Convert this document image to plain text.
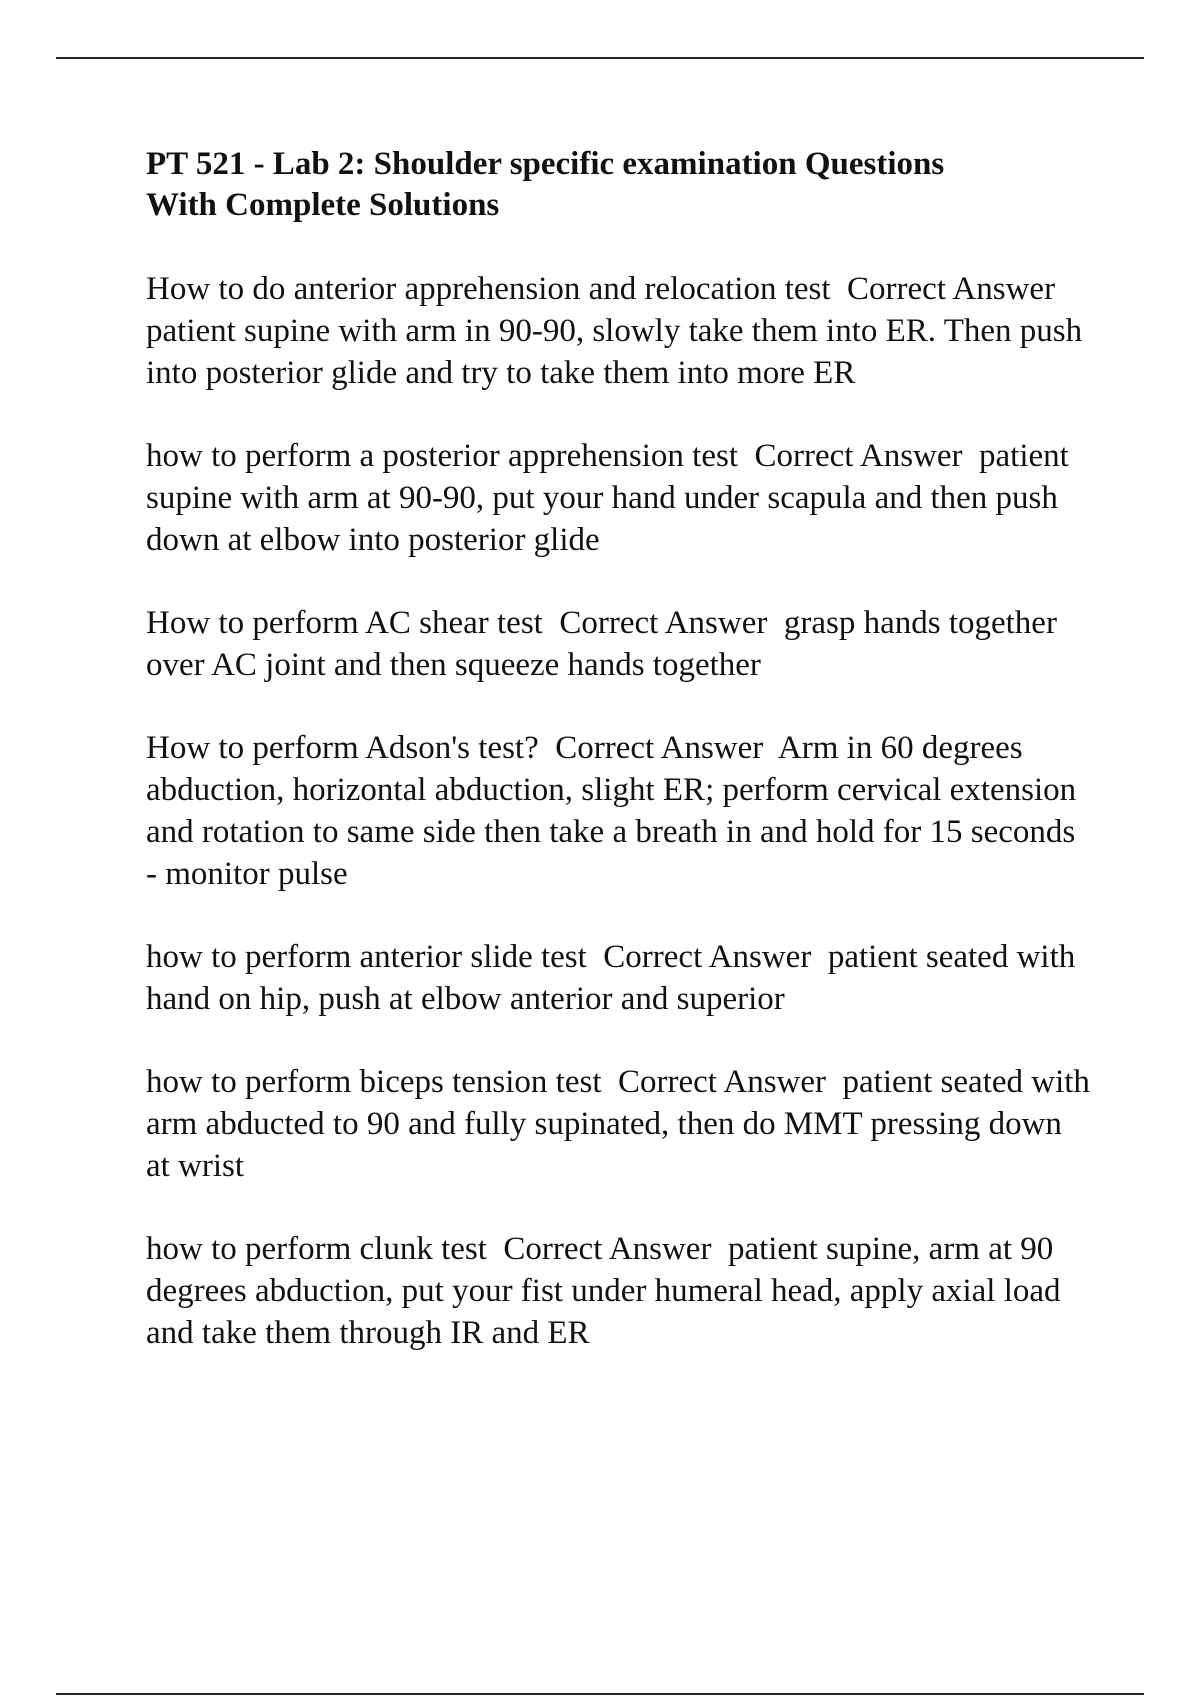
PT 521 - Lab 2: Shoulder specific examination Questions
With Complete Solutions
How to do anterior apprehension and relocation test  Correct Answer  patient supine with arm in 90-90, slowly take them into ER. Then push into posterior glide and try to take them into more ER
how to perform a posterior apprehension test  Correct Answer  patient supine with arm at 90-90, put your hand under scapula and then push down at elbow into posterior glide
How to perform AC shear test  Correct Answer  grasp hands together over AC joint and then squeeze hands together
How to perform Adson's test?  Correct Answer  Arm in 60 degrees abduction, horizontal abduction, slight ER; perform cervical extension and rotation to same side then take a breath in and hold for 15 seconds - monitor pulse
how to perform anterior slide test  Correct Answer  patient seated with hand on hip, push at elbow anterior and superior
how to perform biceps tension test  Correct Answer  patient seated with arm abducted to 90 and fully supinated, then do MMT pressing down at wrist
how to perform clunk test  Correct Answer  patient supine, arm at 90 degrees abduction, put your fist under humeral head, apply axial load and take them through IR and ER
